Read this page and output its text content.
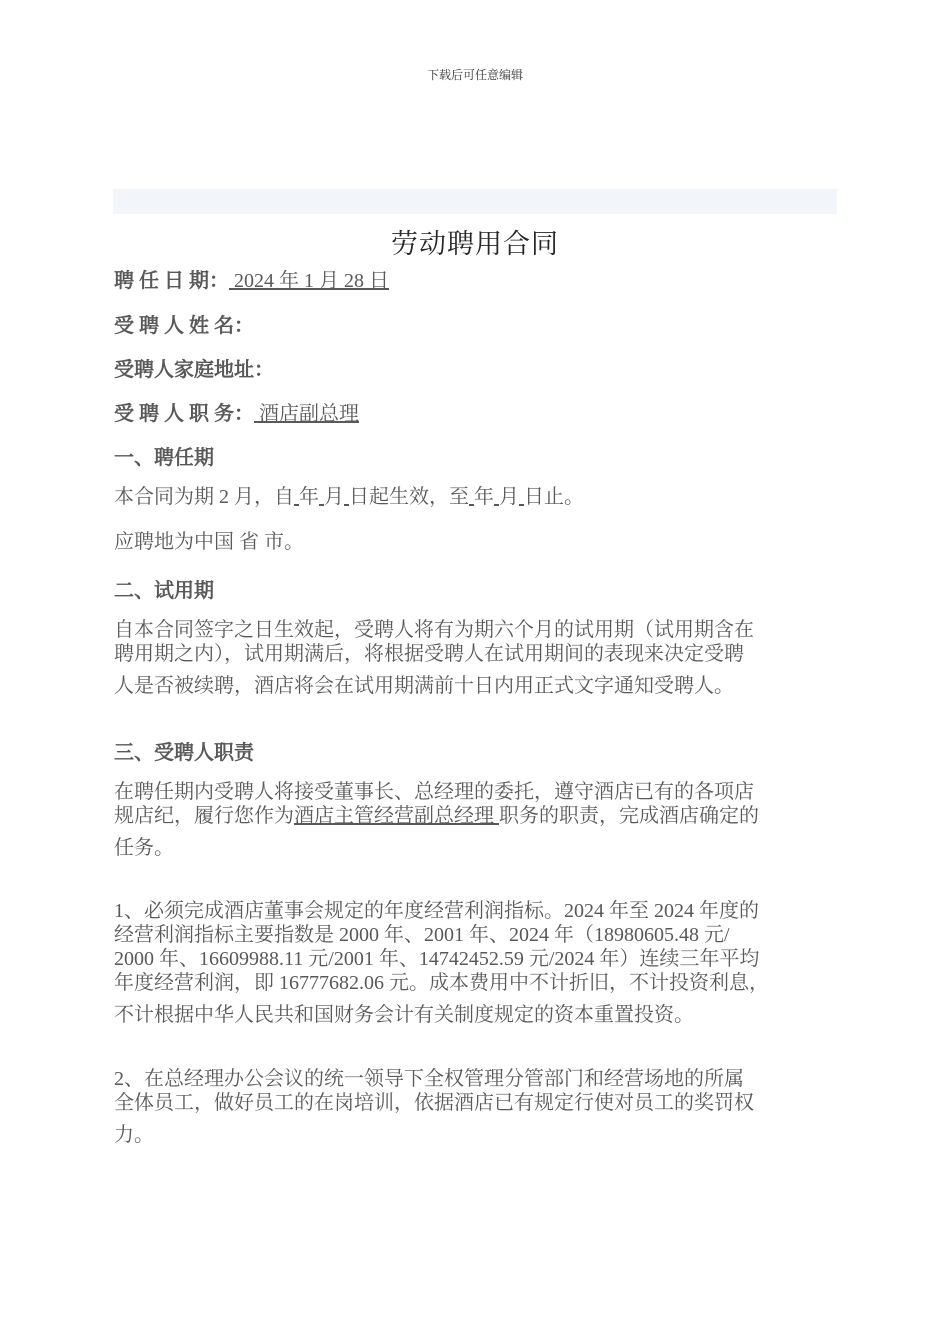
下载后可任意编辑
劳动聘用合同
聘 任 日 期： 2024 年 1 月 28 日
受 聘 人 姓 名：
受聘人家庭地址：
受 聘 人 职 务： 酒店副总理
一、聘任期
本合同为期 2 月，自 年 月 日起生效，至 年 月 日止。
应聘地为中国 省 市。
二、试用期
自本合同签字之日生效起，受聘人将有为期六个月的试用期（试用期含在
聘用期之内），试用期满后，将根据受聘人在试用期间的表现来决定受聘
人是否被续聘，酒店将会在试用期满前十日内用正式文字通知受聘人。
三、受聘人职责
在聘任期内受聘人将接受董事长、总经理的委托，遵守酒店已有的各项店
规店纪，履行您作为酒店主管经营副总经理 职务的职责，完成酒店确定的
任务。
1、必须完成酒店董事会规定的年度经营利润指标。2024 年至 2024 年度的
经营利润指标主要指数是 2000 年、2001 年、2024 年（18980605.48 元/
2000 年、16609988.11 元/2001 年、14742452.59 元/2024 年）连续三年平均
年度经营利润，即 16777682.06 元。成本费用中不计折旧，不计投资利息，
不计根据中华人民共和国财务会计有关制度规定的资本重置投资。
2、在总经理办公会议的统一领导下全权管理分管部门和经营场地的所属
全体员工，做好员工的在岗培训，依据酒店已有规定行使对员工的奖罚权
力。
